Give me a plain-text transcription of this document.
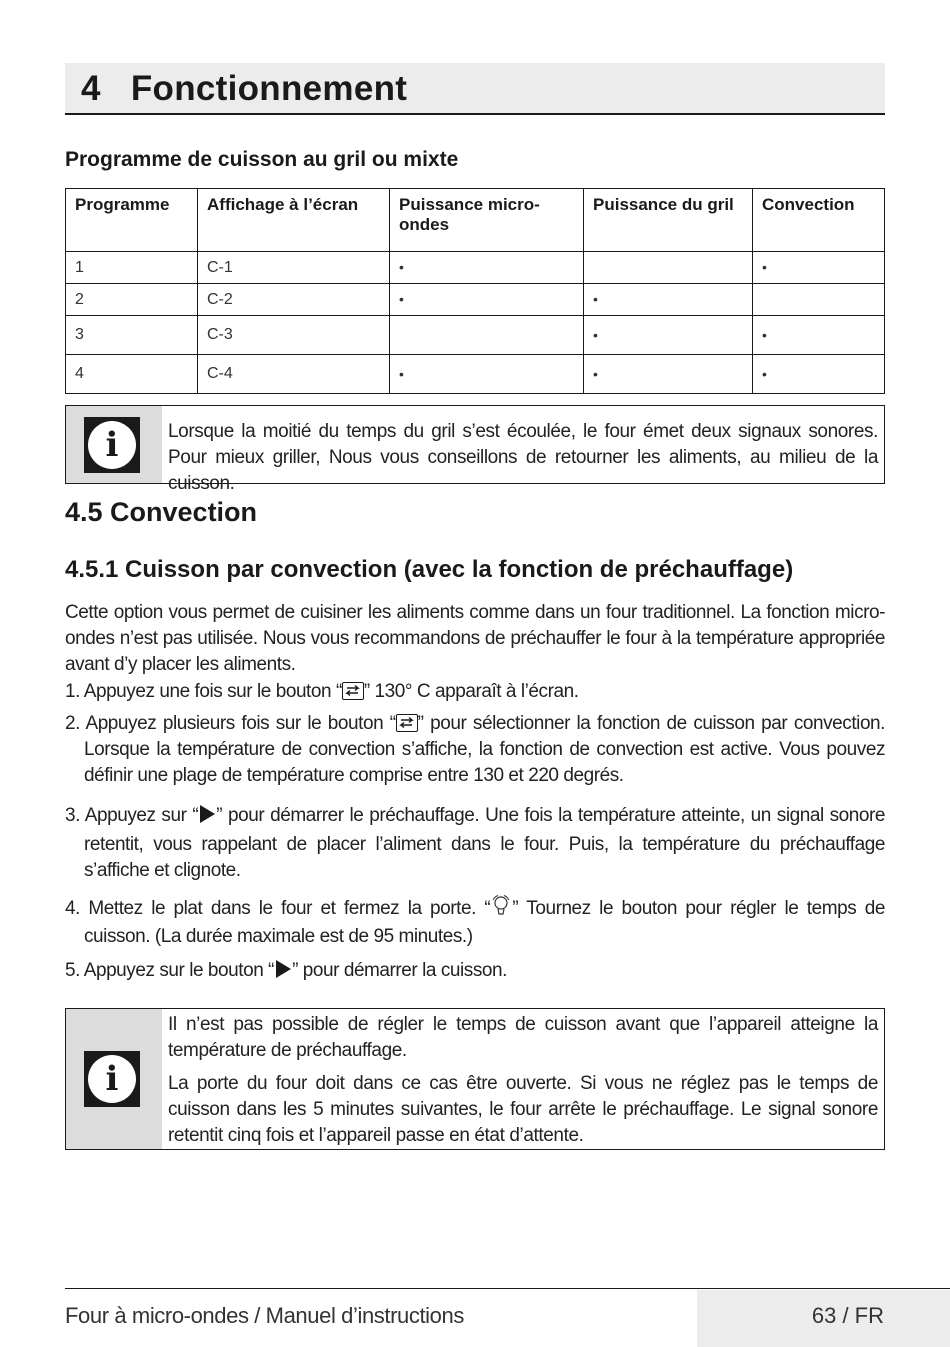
4   Fonctionnement
Programme de cuisson au gril ou mixte
Programme	Affichage à l’écran	Puissance micro-ondes	Puissance du gril	Convection
1	C-1	•		•
2	C-2	•	•	
3	C-3		•	•
4	C-4	•	•	•
i	Lorsque la moitié du temps du gril s’est écoulée, le four émet deux signaux sonores. Pour mieux griller, Nous vous conseillons de retourner les aliments, au milieu de la cuisson.
4.5 Convection
4.5.1 Cuisson par convection (avec la fonction de préchauffage)
Cette option vous permet de cuisiner les aliments comme dans un four traditionnel. La fonction micro-ondes n’est pas utilisée. Nous vous recommandons de préchauffer le four à la température appropriée avant d’y placer les aliments.
1. Appuyez une fois sur le bouton “ ” 130° C apparaît à l’écran.
2. Appuyez plusieurs fois sur le bouton “ ” pour sélectionner la fonction de cuisson par convection. Lorsque la température de convection s’affiche, la fonction de convection est active. Vous pouvez définir une plage de température comprise entre 130 et 220 degrés.
3. Appuyez sur “ ” pour démarrer le préchauffage. Une fois la température atteinte, un signal sonore retentit, vous rappelant de placer l’aliment dans le four. Puis, la température du préchauffage s’affiche et clignote.
4. Mettez le plat dans le four et fermez la porte. “ ” Tournez le bouton pour régler le temps de cuisson. (La durée maximale est de 95 minutes.)
5. Appuyez sur le bouton “ ” pour démarrer la cuisson.
i
Il n’est pas possible de régler le temps de cuisson avant que l’appareil atteigne la température de préchauffage.
La porte du four doit dans ce cas être ouverte. Si vous ne réglez pas le temps de cuisson dans les 5 minutes suivantes, le four arrête le préchauffage. Le signal sonore retentit cinq fois et l’appareil passe en état d’attente.
Four à micro-ondes / Manuel d’instructions	63 / FR
